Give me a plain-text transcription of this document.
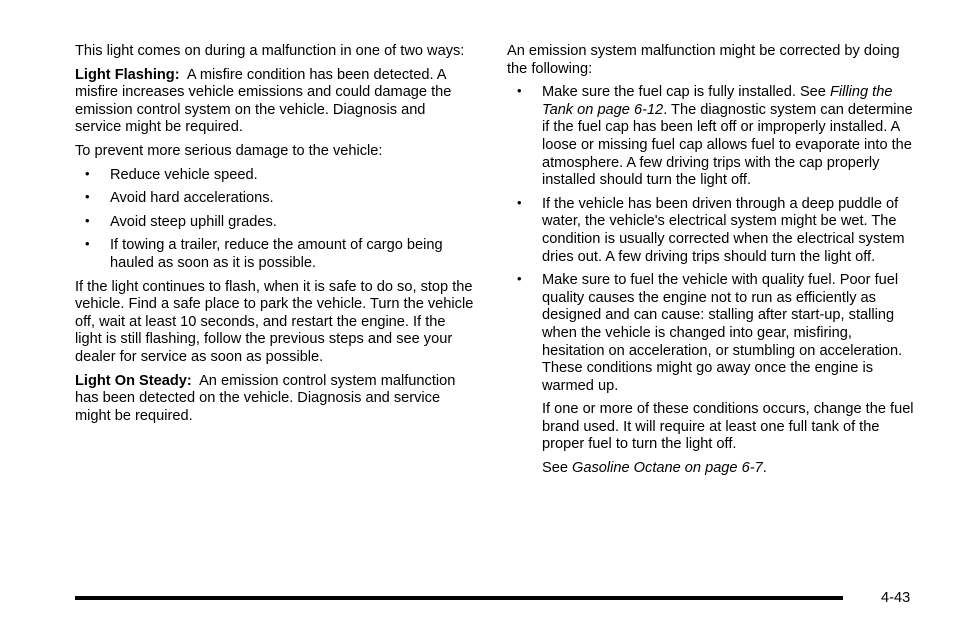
This light comes on during a malfunction in one of two ways:

Light Flashing: A misfire condition has been detected. A misfire increases vehicle emissions and could damage the emission control system on the vehicle. Diagnosis and service might be required.

To prevent more serious damage to the vehicle:

• Reduce vehicle speed.
• Avoid hard accelerations.
• Avoid steep uphill grades.
• If towing a trailer, reduce the amount of cargo being hauled as soon as it is possible.

If the light continues to flash, when it is safe to do so, stop the vehicle. Find a safe place to park the vehicle. Turn the vehicle off, wait at least 10 seconds, and restart the engine. If the light is still flashing, follow the previous steps and see your dealer for service as soon as possible.

Light On Steady: An emission control system malfunction has been detected on the vehicle. Diagnosis and service might be required.

An emission system malfunction might be corrected by doing the following:

• Make sure the fuel cap is fully installed. See Filling the Tank on page 6-12. The diagnostic system can determine if the fuel cap has been left off or improperly installed. A loose or missing fuel cap allows fuel to evaporate into the atmosphere. A few driving trips with the cap properly installed should turn the light off.
• If the vehicle has been driven through a deep puddle of water, the vehicle's electrical system might be wet. The condition is usually corrected when the electrical system dries out. A few driving trips should turn the light off.
• Make sure to fuel the vehicle with quality fuel. Poor fuel quality causes the engine not to run as efficiently as designed and can cause: stalling after start-up, stalling when the vehicle is changed into gear, misfiring, hesitation on acceleration, or stumbling on acceleration. These conditions might go away once the engine is warmed up.

If one or more of these conditions occurs, change the fuel brand used. It will require at least one full tank of the proper fuel to turn the light off.

See Gasoline Octane on page 6-7.

4-43
